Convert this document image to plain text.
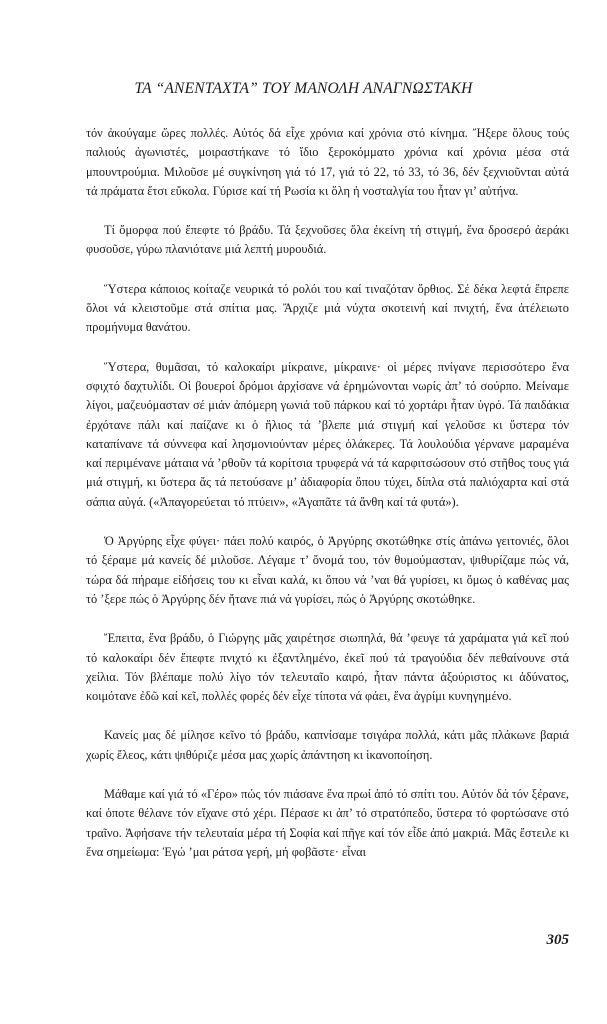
ΤΑ “ΑΝΕΝΤΑΧΤΑ” ΤΟΥ ΜΑΝΟΛΗ ΑΝΑΓΝΩΣΤΑΚΗ

τόν ἀκούγαμε ὥρες πολλές. Αὐτός δά εἶχε χρόνια καί χρόνια στό κίνημα. Ἤξερε ὅλους τούς παλιούς ἀγωνιστές, μοιραστήκανε τό ἴδιο ξεροκόμματο χρόνια καί χρόνια μέσα στά μπουντρούμια. Μιλοῦσε μέ συγκίνηση γιά τό 17, γιά τό 22, τό 33, τό 36, δέν ξεχνιοῦνται αὐτά τά πράματα ἔτσι εὔκολα. Γύρισε καί τή Ρωσία κι ὅλη ἡ νοσταλγία του ἦταν γι’ αὐτήνα.

Τί ὄμορφα πού ἔπεφτε τό βράδυ. Τά ξεχνοῦσες ὅλα ἐκείνη τή στιγμή, ἕνα δροσερό ἀεράκι φυσοῦσε, γύρω πλανιότανε μιά λεπτή μυρουδιά.

Ὕστερα κάποιος κοίταζε νευρικά τό ρολόι του καί τιναζόταν ὄρθιος. Σέ δέκα λεφτά ἔπρεπε ὅλοι νά κλειστοῦμε στά σπίτια μας. Ἄρχιζε μιά νύχτα σκοτεινή καί πνιχτή, ἕνα ἀτέλειωτο προμήνυμα θανάτου.

Ὕστερα, θυμᾶσαι, τό καλοκαίρι μίκραινε, μίκραινε· οἱ μέρες πνίγανε περισσότερο ἕνα σφιχτό δαχτυλίδι. Οἱ βουεροί δρόμοι ἀρχίσανε νά ἐρημώνονται νωρίς ἀπ’ τό σούρπο. Μείναμε λίγοι, μαζευόμασταν σέ μιάν ἀπόμερη γωνιά τοῦ πάρκου καί τό χορτάρι ἦταν ὑγρό. Τά παιδάκια ἐρχότανε πάλι καί παίζανε κι ὁ ἥλιος τά ’βλεπε μιά στιγμή καί γελοῦσε κι ὕστερα τόν καταπίνανε τά σύννεφα καί λησμονιούνταν μέρες ὁλάκερες. Τά λουλούδια γέρνανε μαραμένα καί περιμένανε μάταια νά ’ρθοῦν τά κορίτσια τρυφερά νά τά καρφιτσώσουν στό στῆθος τους γιά μιά στιγμή, κι ὕστερα ἄς τά πετούσανε μ’ ἀδιαφορία ὅπου τύχει, δίπλα στά παλιόχαρτα καί στά σάπια αὐγά. («Ἀπαγορεύεται τό πτύειν», «Ἀγαπᾶτε τά ἄνθη καί τά φυτά»).

Ὁ Ἀργύρης εἶχε φύγει· πάει πολύ καιρός, ὁ Ἀργύρης σκοτώθηκε στίς ἀπάνω γειτονιές, ὅλοι τό ξέραμε μά κανείς δέ μιλοῦσε. Λέγαμε τ’ ὄνομά του, τόν θυμούμασταν, ψιθυρίζαμε πώς νά, τώρα δά πήραμε εἰδήσεις του κι εἶναι καλά, κι ὅπου νά ’ναι θά γυρίσει, κι ὅμως ὁ καθένας μας τό ’ξερε πώς ὁ Ἀργύρης δέν ἤτανε πιά νά γυρίσει, πώς ὁ Ἀργύρης σκοτώθηκε.

Ἔπειτα, ἕνα βράδυ, ὁ Γιώργης μᾶς χαιρέτησε σιωπηλά, θά ’φευγε τά χαράματα γιά κεῖ πού τό καλοκαίρι δέν ἔπεφτε πνιχτό κι ἐξαντλημένο, ἐκεῖ πού τά τραγούδια δέν πεθαίνουνε στά χείλια. Τόν βλέπαμε πολύ λίγο τόν τελευταῖο καιρό, ἦταν πάντα ἀξούριστος κι ἀδύνατος, κοιμότανε ἐδῶ καί κεῖ, πολλές φορές δέν εἶχε τίποτα νά φάει, ἕνα ἀγρίμι κυνηγημένο.

Κανείς μας δέ μίλησε κεῖνο τό βράδυ, καπνίσαμε τσιγάρα πολλά, κάτι μᾶς πλάκωνε βαριά χωρίς ἔλεος, κάτι ψιθύριζε μέσα μας χωρίς ἀπάντηση κι ἱκανοποίηση.

Μάθαμε καί γιά τό «Γέρο» πώς τόν πιάσανε ἕνα πρωί ἀπό τό σπίτι του. Αὐτόν δά τόν ξέρανε, καί ὁποτε θέλανε τόν εἴχανε στό χέρι. Πέρασε κι ἀπ’ τό στρατόπεδο, ὕστερα τό φορτώσανε στό τραῖνο. Ἀφήσανε τήν τελευταία μέρα τή Σοφία καί πῆγε καί τόν εἶδε ἀπό μακριά. Μᾶς ἔστειλε κι ἕνα σημείωμα: Ἐγώ ’μαι ράτσα γερή, μή φοβᾶστε· εἶναι

305
